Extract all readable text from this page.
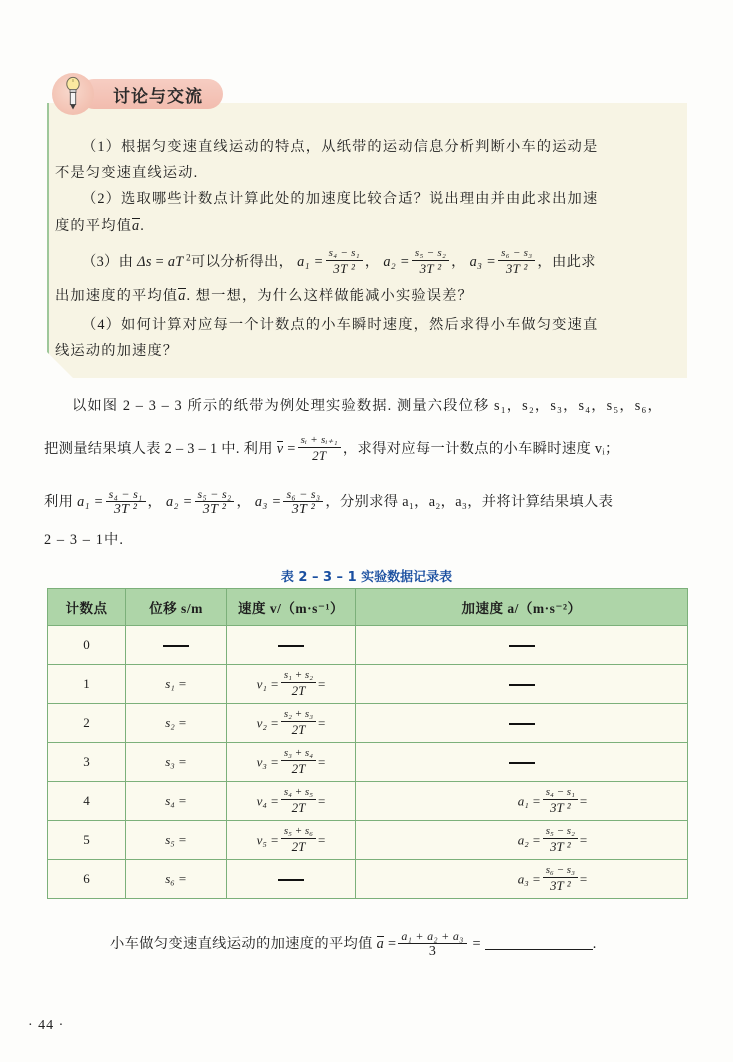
讨论与交流
（1）根据匀变速直线运动的特点，从纸带的运动信息分析判断小车的运动是
不是匀变速直线运动.
（2）选取哪些计数点计算此处的加速度比较合适？说出理由并由此求出加速
度的平均值a.
（3）由 Δs = aT $^2$可以分析得出， $a_1 = \frac{\text{s₄ − s₁}}{\text{3T ²}}$ ， $a_2 = \frac{\text{s₅ − s₂}}{\text{3T ²}}$ ， $a_3 = \frac{\text{s₆ − s₃}}{\text{3T ²}}$ ，由此求
出加速度的平均值a. 想一想，为什么这样做能减小实验误差？
（4）如何计算对应每一个计数点的小车瞬时速度，然后求得小车做匀变速直
线运动的加速度？
以如图 2 – 3 – 3 所示的纸带为例处理实验数据. 测量六段位移 s₁，s₂，s₃，s₄，s₅，s₆，
把测量结果填人表 2 – 3 – 1 中. 利用 $v = \frac{\text{sᵢ + sᵢ₊₁}}{2T}$ ，求得对应每一计数点的小车瞬时速度 vᵢ；
利用 $a_1 = \frac{\text{s₄ − s₁}}{\text{3T ²}}$ ， $a_2 = \frac{\text{s₅ − s₂}}{\text{3T ²}}$ ， $a_3 = \frac{\text{s₆ − s₃}}{\text{3T ²}}$ ，分别求得 a₁，a₂，a₃，并将计算结果填人表
2 – 3 – 1中.
表 2 – 3 – 1 实验数据记录表
计数点	位移 s/m	速度 v/（m·s⁻¹）	加速度 a/（m·s⁻²）
0			
1	s₁ =	$v_1 = \frac{\text{s₁ + s₂}}{2T}$ =	
2	s₂ =	$v_2 = \frac{\text{s₂ + s₃}}{2T}$ =	
3	s₃ =	$v_3 = \frac{\text{s₃ + s₄}}{2T}$ =	
4	s₄ =	$v_4 = \frac{\text{s₄ + s₅}}{2T}$ =	$a_1 = \frac{\text{s₄ − s₁}}{\text{3T ²}}$ =
5	s₅ =	$v_5 = \frac{\text{s₅ + s₆}}{2T}$ =	$a_2 = \frac{\text{s₅ − s₂}}{\text{3T ²}}$ =
6	s₆ =		$a_3 = \frac{\text{s₆ − s₃}}{\text{3T ²}}$ =
小车做匀变速直线运动的加速度的平均值 $a = \frac{\text{a₁ + a₂ + a₃}}{3}$ =	.
· 44 ·
